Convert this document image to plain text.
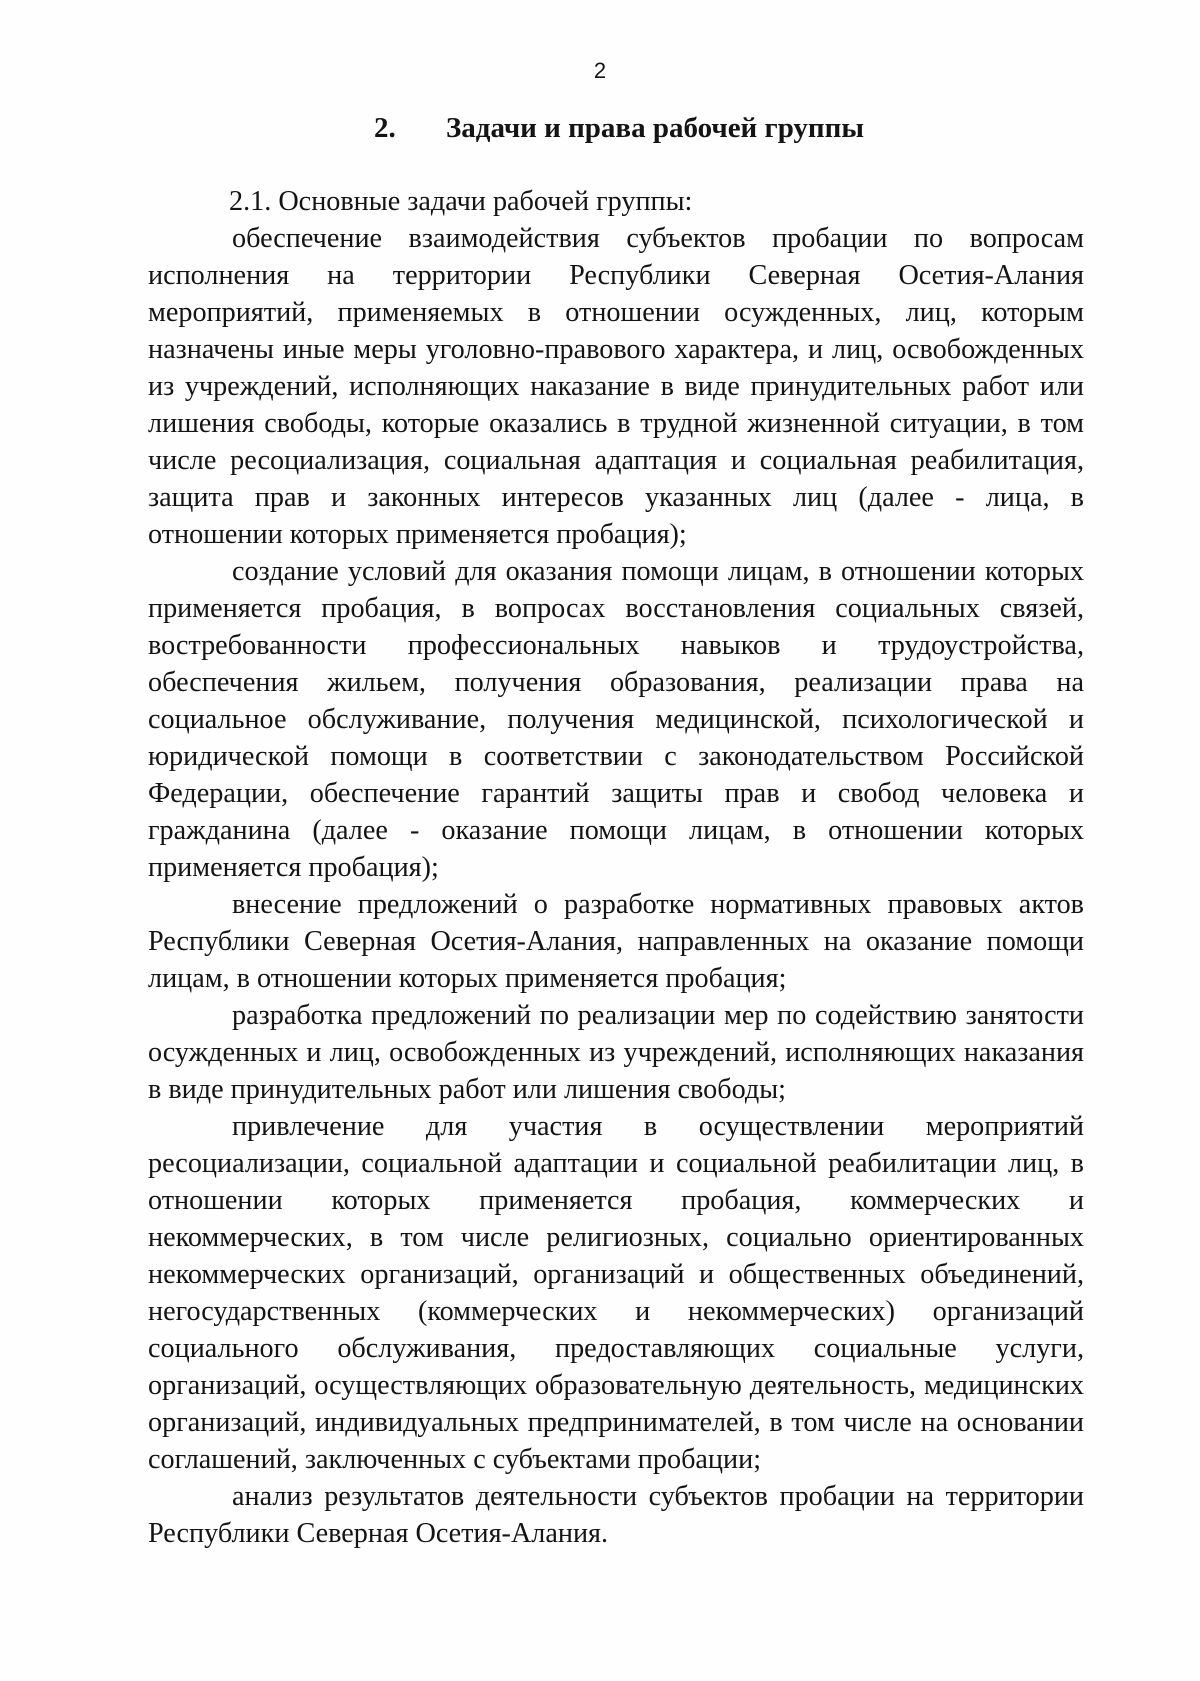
2
2. Задачи и права рабочей группы

2.1. Основные задачи рабочей группы:

обеспечение взаимодействия субъектов пробации по вопросам исполнения на территории Республики Северная Осетия-Алания мероприятий, применяемых в отношении осужденных, лиц, которым назначены иные меры уголовно-правового характера, и лиц, освобожденных из учреждений, исполняющих наказание в виде принудительных работ или лишения свободы, которые оказались в трудной жизненной ситуации, в том числе ресоциализация, социальная адаптация и социальная реабилитация, защита прав и законных интересов указанных лиц (далее - лица, в отношении которых применяется пробация);

создание условий для оказания помощи лицам, в отношении которых применяется пробация, в вопросах восстановления социальных связей, востребованности профессиональных навыков и трудоустройства, обеспечения жильем, получения образования, реализации права на социальное обслуживание, получения медицинской, психологической и юридической помощи в соответствии с законодательством Российской Федерации, обеспечение гарантий защиты прав и свобод человека и гражданина (далее - оказание помощи лицам, в отношении которых применяется пробация);

внесение предложений о разработке нормативных правовых актов Республики Северная Осетия-Алания, направленных на оказание помощи лицам, в отношении которых применяется пробация;

разработка предложений по реализации мер по содействию занятости осужденных и лиц, освобожденных из учреждений, исполняющих наказания в виде принудительных работ или лишения свободы;

привлечение для участия в осуществлении мероприятий ресоциализации, социальной адаптации и социальной реабилитации лиц, в отношении которых применяется пробация, коммерческих и некоммерческих, в том числе религиозных, социально ориентированных некоммерческих организаций, организаций и общественных объединений, негосударственных (коммерческих и некоммерческих) организаций социального обслуживания, предоставляющих социальные услуги, организаций, осуществляющих образовательную деятельность, медицинских организаций, индивидуальных предпринимателей, в том числе на основании соглашений, заключенных с субъектами пробации;

анализ результатов деятельности субъектов пробации на территории Республики Северная Осетия-Алания.
